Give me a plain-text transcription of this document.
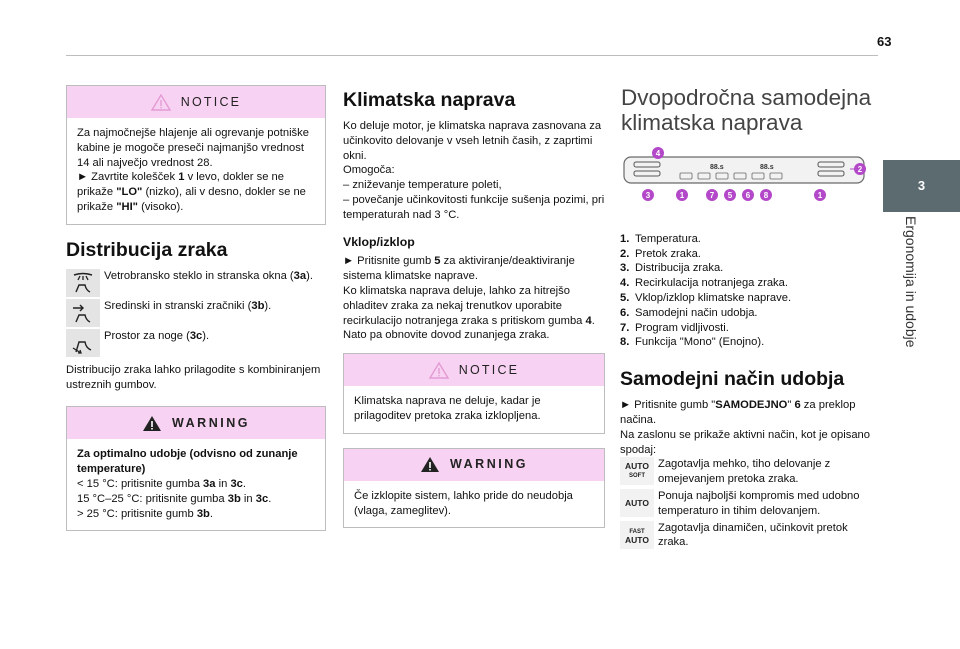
63
3
Ergonomija in udobje
NOTICE

Za najmočnejše hlajenje ali ogrevanje potniške kabine je mogoče preseči najmanjšo vrednost 14 ali največjo vrednost 28.

► Zavrtite kolešček 1 v levo, dokler se ne prikaže "LO" (nizko), ali v desno, dokler se ne prikaže "HI" (visoko).

Distribucija zraka
Vetrobransko steklo in stranska okna (3a).
Sredinski in stranski zračniki (3b).
Prostor za noge (3c).

Distribucijo zraka lahko prilagodite s kombiniranjem ustreznih gumbov.

WARNING

Za optimalno udobje (odvisno od zunanje temperature)

< 15 °C: pritisnite gumba 3a in 3c.

15 °C–25 °C: pritisnite gumba 3b in 3c.

> 25 °C: pritisnite gumb 3b.

Klimatska naprava

Ko deluje motor, je klimatska naprava zasnovana za učinkovito delovanje v vseh letnih časih, z zaprtimi okni.

Omogoča:

– zniževanje temperature poleti,

– povečanje učinkovitosti funkcije sušenja pozimi, pri temperaturah nad 3 °C.

Vklop/izklop

► Pritisnite gumb 5 za aktiviranje/deaktiviranje sistema klimatske naprave.

Ko klimatska naprava deluje, lahko za hitrejšo ohladitev zraka za nekaj trenutkov uporabite recirkulacijo notranjega zraka s pritiskom gumba 4. Nato pa obnovite dovod zunanjega zraka.

NOTICE

Klimatska naprava ne deluje, kadar je prilagoditev pretoka zraka izklopljena.

WARNING

Če izklopite sistem, lahko pride do neudobja (vlaga, zameglitev).

Dvopodročna samodejna klimatska naprava
88.s	88.s
4
2
3	1	7 5 6 8	1
1. Temperatura.
2. Pretok zraka.
3. Distribucija zraka.
4. Recirkulacija notranjega zraka.
5. Vklop/izklop klimatske naprave.
6. Samodejni način udobja.
7. Program vidljivosti.
8. Funkcija "Mono" (Enojno).
Samodejni način udobja

► Pritisnite gumb "SAMODEJNO" 6 za preklop načina.

Na zaslonu se prikaže aktivni način, kot je opisano spodaj:

AUTO
SOFT
Zagotavlja mehko, tiho delovanje z omejevanjem pretoka zraka.
AUTO
Ponuja najboljši kompromis med udobno temperaturo in tihim delovanjem.
FAST
AUTO
Zagotavlja dinamičen, učinkovit pretok zraka.
